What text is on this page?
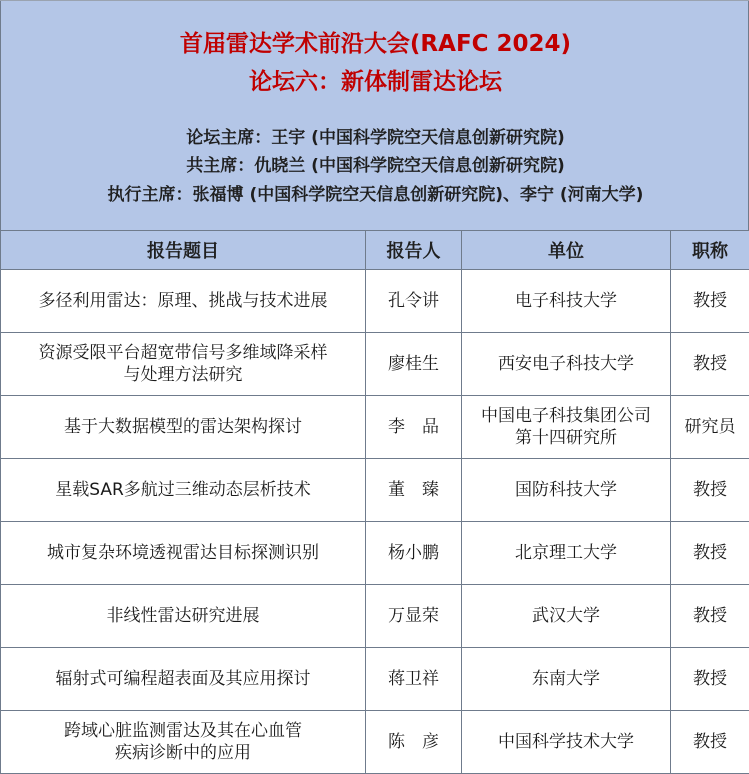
首届雷达学术前沿大会(RAFC 2024)
论坛六：新体制雷达论坛
论坛主席：王宇 (中国科学院空天信息创新研究院)
共主席：仇晓兰 (中国科学院空天信息创新研究院)
执行主席：张福博 (中国科学院空天信息创新研究院)、李宁 (河南大学)
报告题目	报告人	单位	职称
多径利用雷达：原理、挑战与技术进展	孔令讲	电子科技大学	教授
资源受限平台超宽带信号多维域降采样
与处理方法研究	廖桂生	西安电子科技大学	教授
基于大数据模型的雷达架构探讨	李　品	中国电子科技集团公司
第十四研究所	研究员
星载SAR多航过三维动态层析技术	董　臻	国防科技大学	教授
城市复杂环境透视雷达目标探测识别	杨小鹏	北京理工大学	教授
非线性雷达研究进展	万显荣	武汉大学	教授
辐射式可编程超表面及其应用探讨	蒋卫祥	东南大学	教授
跨域心脏监测雷达及其在心血管
疾病诊断中的应用	陈　彦	中国科学技术大学	教授
